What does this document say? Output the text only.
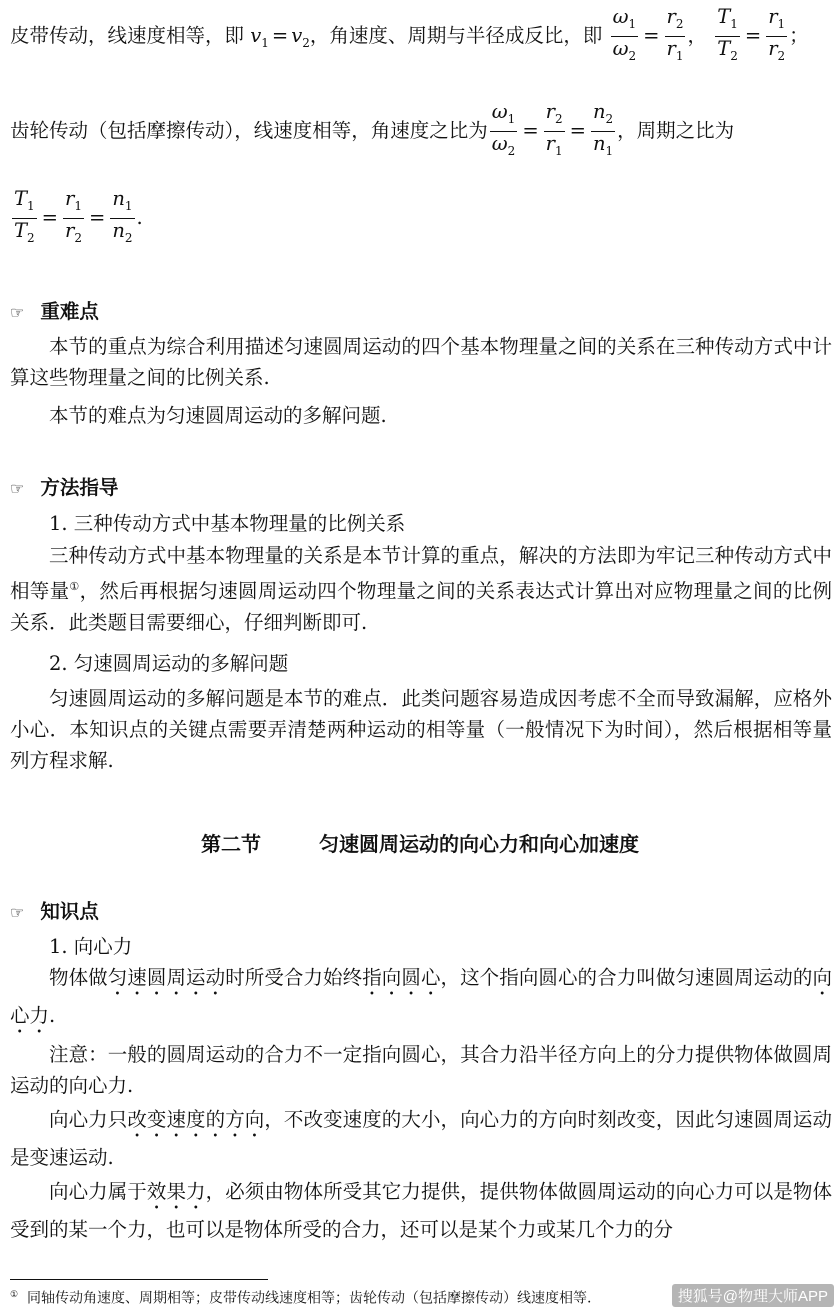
皮带传动，线速度相等，即 $v_1 = v_2$，角速度、周期与半径成反比，即 $\frac{\omega_1}{\omega_2} = \frac{r_2}{r_1}$ ， $\frac{T_1}{T_2} = \frac{r_1}{r_2}$ ；
齿轮传动（包括摩擦传动），线速度相等，角速度之比为 $\frac{\omega_1}{\omega_2} = \frac{r_2}{r_1} = \frac{n_2}{n_1}$ ，周期之比为
$\frac{T_1}{T_2} = \frac{r_1}{r_2} = \frac{n_1}{n_2}$ .
☞ 重难点
本节的重点为综合利用描述匀速圆周运动的四个基本物理量之间的关系在三种传动方式中计算这些物理量之间的比例关系.
本节的难点为匀速圆周运动的多解问题.
☞ 方法指导
1. 三种传动方式中基本物理量的比例关系
三种传动方式中基本物理量的关系是本节计算的重点，解决的方法即为牢记三种传动方式中相等量①，然后再根据匀速圆周运动四个物理量之间的关系表达式计算出对应物理量之间的比例关系．此类题目需要细心，仔细判断即可.
2. 匀速圆周运动的多解问题
匀速圆周运动的多解问题是本节的难点．此类问题容易造成因考虑不全而导致漏解，应格外小心．本知识点的关键点需要弄清楚两种运动的相等量（一般情况下为时间），然后根据相等量列方程求解.
第二节	匀速圆周运动的向心力和向心加速度
☞ 知识点
1. 向心力
物体做匀速圆周运动时所受合力始终指向圆心，这个指向圆心的合力叫做匀速圆周运动的向心力.
注意：一般的圆周运动的合力不一定指向圆心，其合力沿半径方向上的分力提供物体做圆周运动的向心力.
向心力只改变速度的方向，不改变速度的大小，向心力的方向时刻改变，因此匀速圆周运动是变速运动.
向心力属于效果力，必须由物体所受其它力提供，提供物体做圆周运动的向心力可以是物体受到的某一个力，也可以是物体所受的合力，还可以是某个力或某几个力的分
① 同轴传动角速度、周期相等；皮带传动线速度相等；齿轮传动（包括摩擦传动）线速度相等.	搜狐号@物理大师APP
